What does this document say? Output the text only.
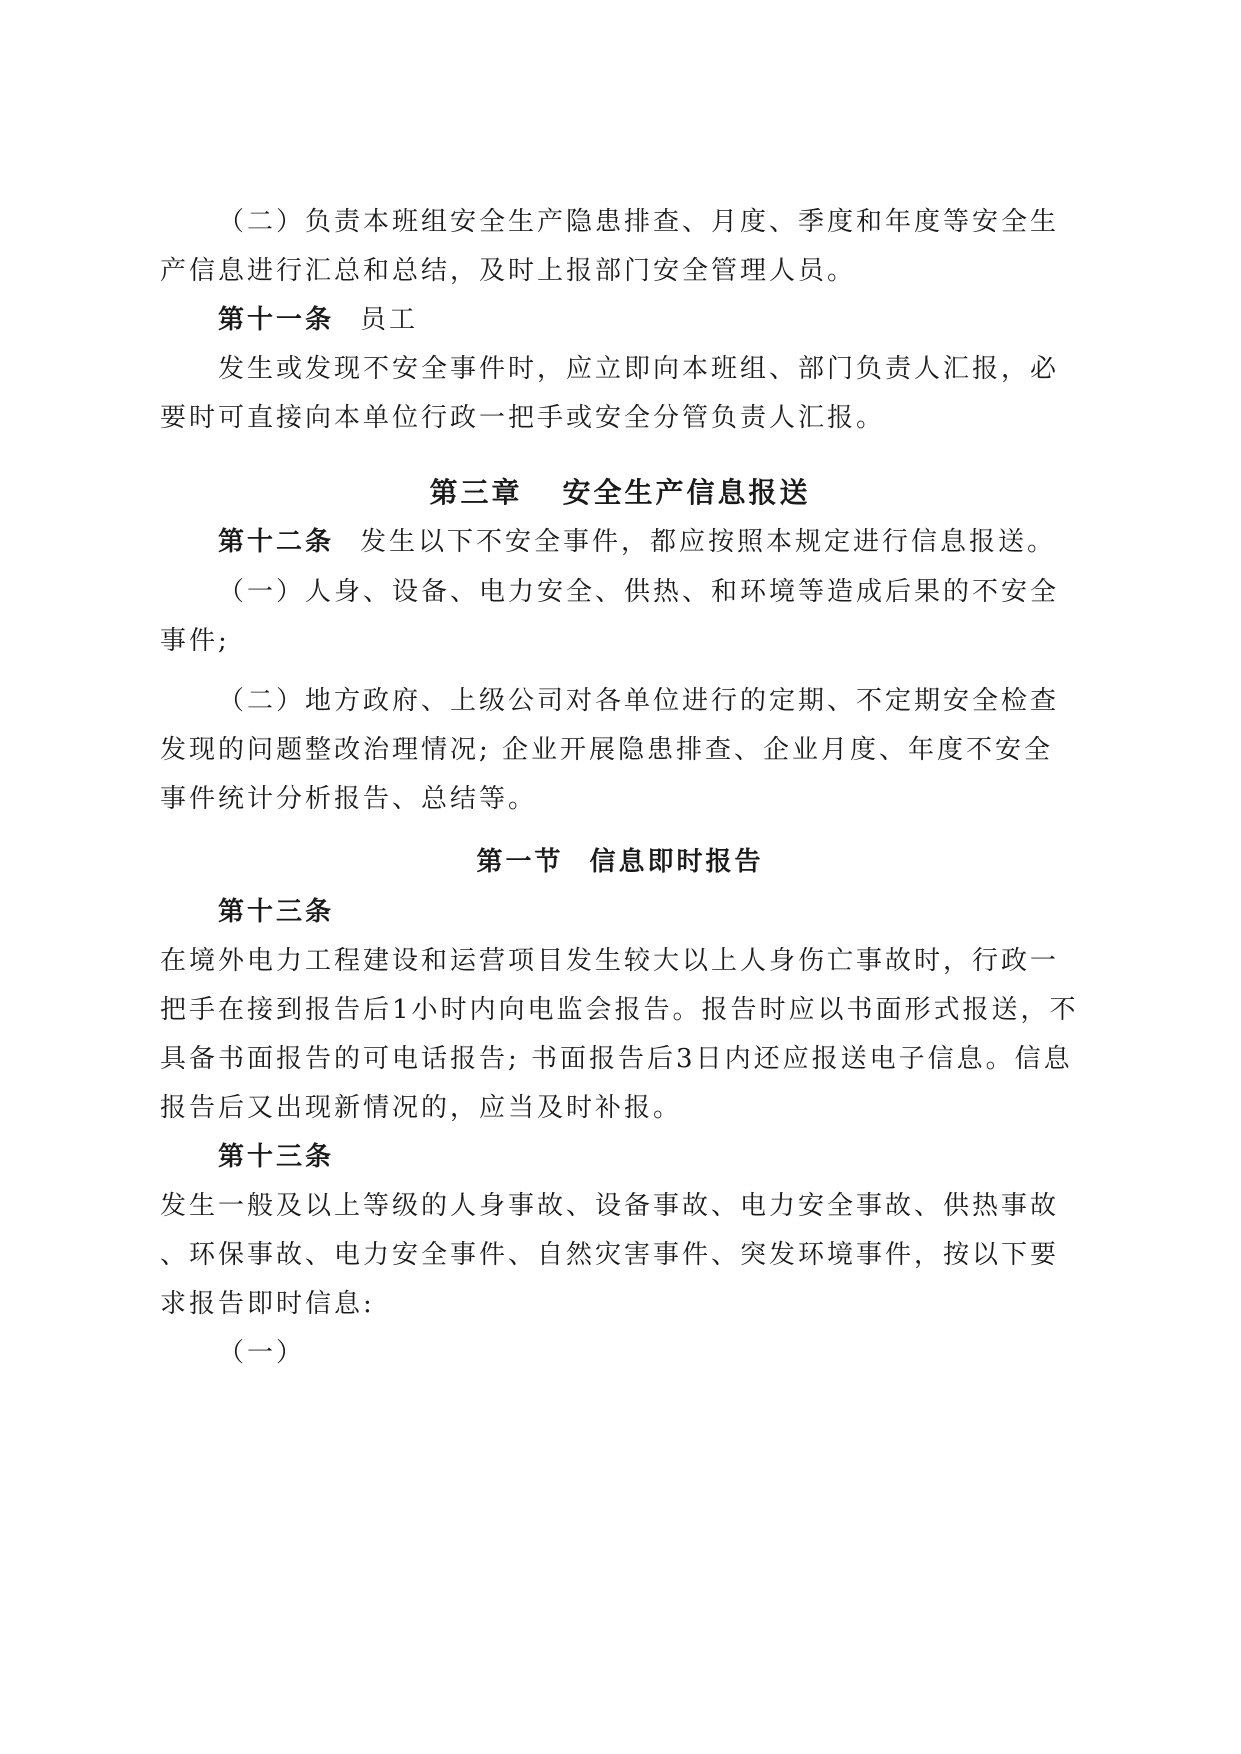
（二）负责本班组安全生产隐患排查、月度、季度和年度等安全生
产信息进行汇总和总结，及时上报部门安全管理人员。
第十一条 员工
发生或发现不安全事件时，应立即向本班组、部门负责人汇报，必
要时可直接向本单位行政一把手或安全分管负责人汇报。
第三章 安全生产信息报送
第十二条 发生以下不安全事件，都应按照本规定进行信息报送。
（一）人身、设备、电力安全、供热、和环境等造成后果的不安全
事件;
（二）地方政府、上级公司对各单位进行的定期、不定期安全检查
发现的问题整改治理情况; 企业开展隐患排查、企业月度、年度不安全
事件统计分析报告、总结等。
第一节 信息即时报告
第十三条
在境外电力工程建设和运营项目发生较大以上人身伤亡事故时，行政一
把手在接到报告后1小时内向电监会报告。报告时应以书面形式报送，不
具备书面报告的可电话报告; 书面报告后3日内还应报送电子信息。信息
报告后又出现新情况的，应当及时补报。
第十三条
发生一般及以上等级的人身事故、设备事故、电力安全事故、供热事故
、环保事故、电力安全事件、自然灾害事件、突发环境事件，按以下要
求报告即时信息:
（一）
